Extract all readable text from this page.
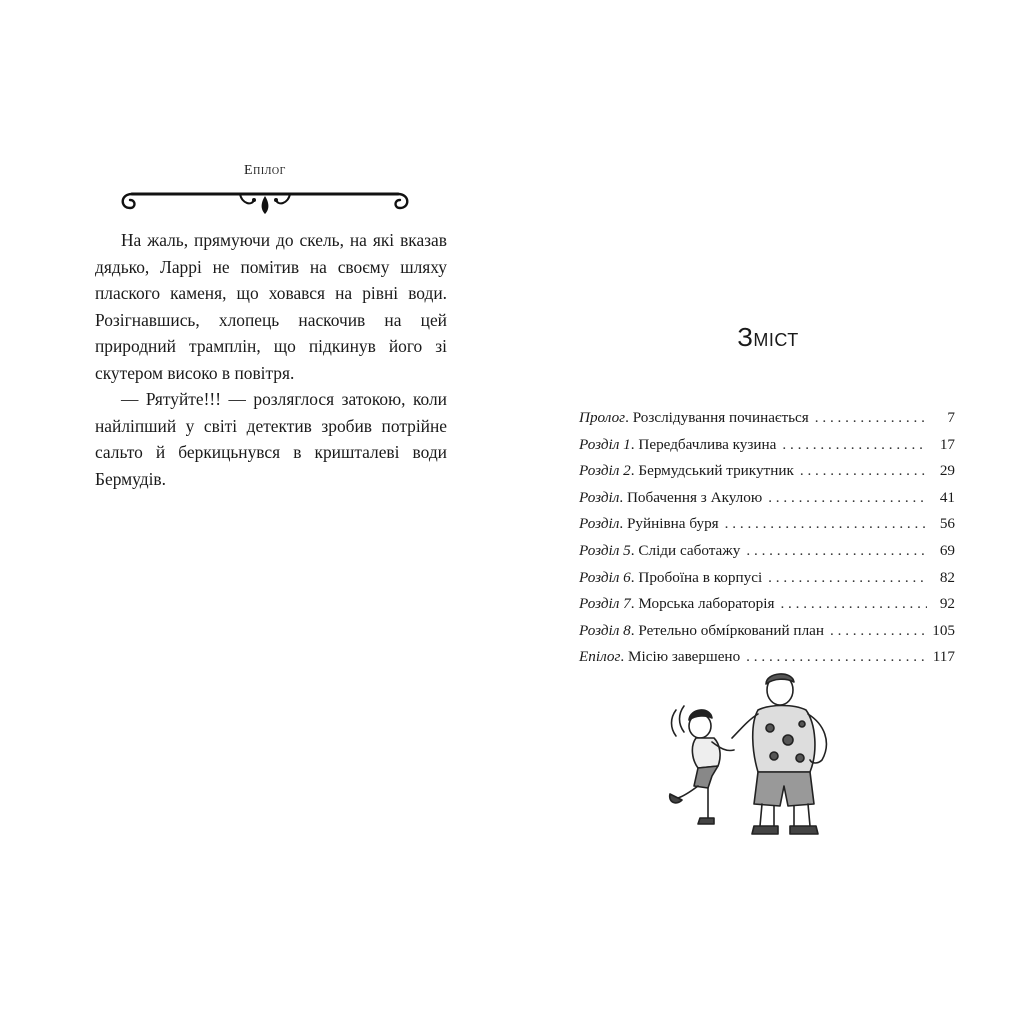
Епілог

На жаль, прямуючи до скель, на які вказав дядько, Ларрі не помітив на своєму шляху плаского каменя, що ховався на рівні води. Розігнавшись, хлопець наскочив на цей природний трамплін, що підкинув його зі скутером високо в повітря.

— Рятуйте!!! — розляглося затокою, коли найліпший у світі детектив зробив потрійне сальто й беркицьнувся в кришталеві води Бермудів.

Зміст
Пролог. Розслідування починається . . .	7
Розділ 1. Передбачлива кузина . . .	17
Розділ 2. Бермудський трикутник . . .	29
Розділ. Побачення з Акулою . . .	41
Розділ. Руйнівна буря . . .	56
Розділ 5. Сліди саботажу . . .	69
Розділ 6. Пробоїна в корпусі . . .	82
Розділ 7. Морська лабораторія . . .	92
Розділ 8. Ретельно обмíркований план . . .	105
Епілог. Місію завершено . . .	117
